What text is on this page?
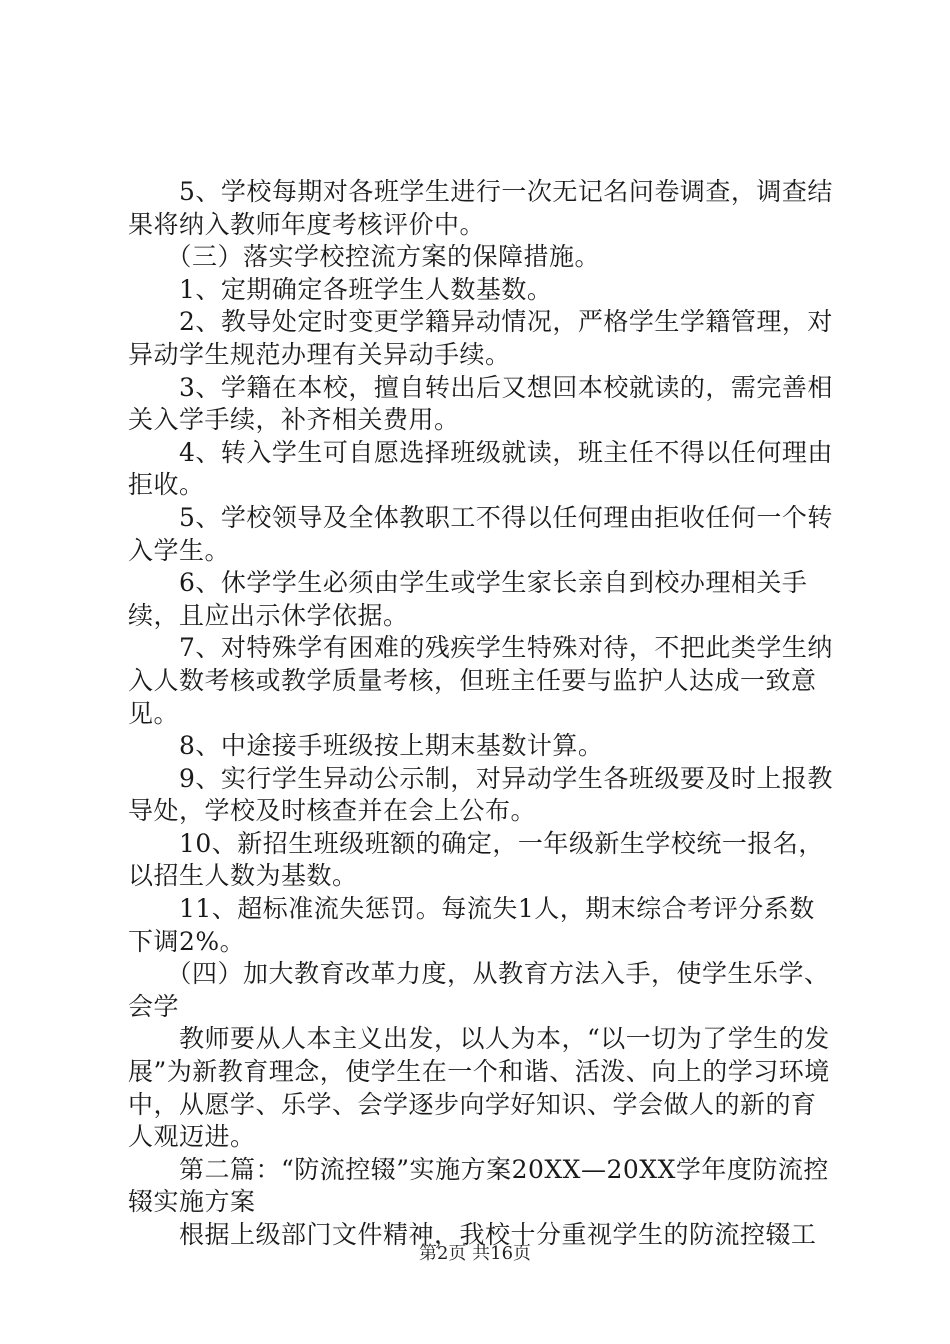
　　5、学校每期对各班学生进行一次无记名问卷调查，调查结果将纳入教师年度考核评价中。

　　（三）落实学校控流方案的保障措施。

　　1、定期确定各班学生人数基数。

　　2、教导处定时变更学籍异动情况，严格学生学籍管理，对异动学生规范办理有关异动手续。

　　3、学籍在本校，擅自转出后又想回本校就读的，需完善相关入学手续，补齐相关费用。

　　4、转入学生可自愿选择班级就读，班主任不得以任何理由拒收。

　　5、学校领导及全体教职工不得以任何理由拒收任何一个转入学生。

　　6、休学学生必须由学生或学生家长亲自到校办理相关手续，且应出示休学依据。

　　7、对特殊学有困难的残疾学生特殊对待，不把此类学生纳入人数考核或教学质量考核，但班主任要与监护人达成一致意见。

　　8、中途接手班级按上期末基数计算。

　　9、实行学生异动公示制，对异动学生各班级要及时上报教导处，学校及时核查并在会上公布。

　　10、新招生班级班额的确定，一年级新生学校统一报名，以招生人数为基数。

　　11、超标准流失惩罚。每流失1人，期末综合考评分系数下调2%。

　　（四）加大教育改革力度，从教育方法入手，使学生乐学、会学

　　教师要从人本主义出发，以人为本，“以一切为了学生的发展”为新教育理念，使学生在一个和谐、活泼、向上的学习环境中，从愿学、乐学、会学逐步向学好知识、学会做人的新的育人观迈进。

　　第二篇：“防流控辍”实施方案20XX—20XX学年度防流控辍实施方案

　　根据上级部门文件精神，我校十分重视学生的防流控辍工

第2页 共16页
